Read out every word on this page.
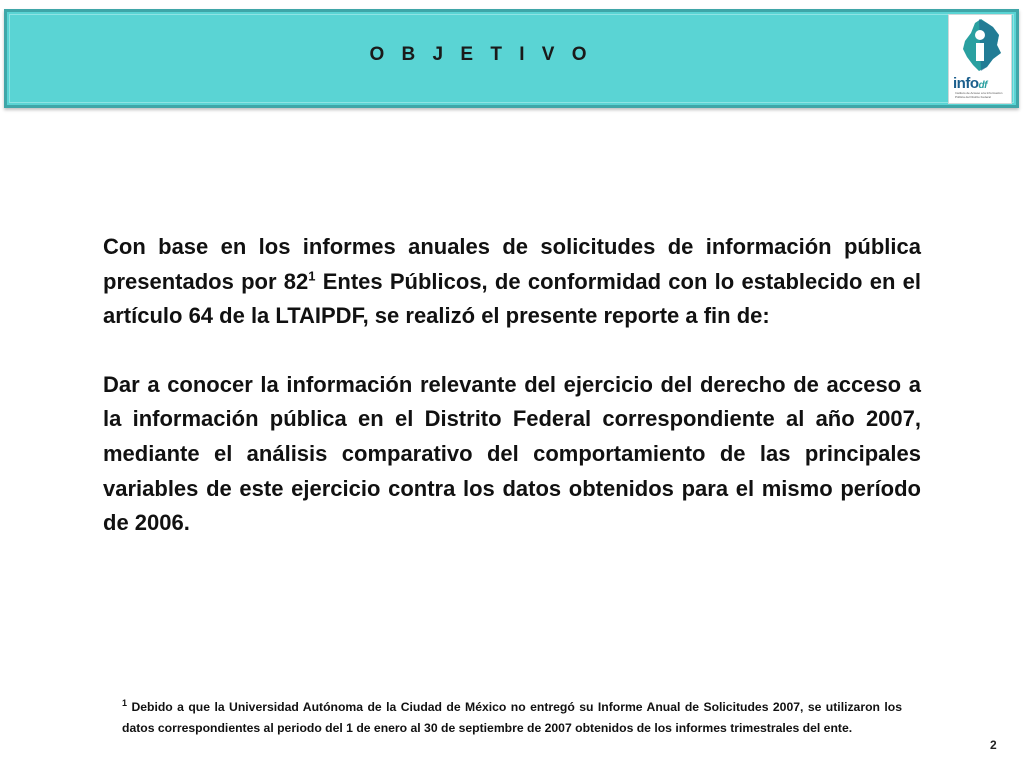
O B J E T I V O
infodf
Instituto de Acceso a la Información Pública del Distrito Federal

Con base en los informes anuales de solicitudes de información pública presentados por $82^1$ Entes Públicos, de conformidad con lo establecido en el artículo 64 de la LTAIPDF, se realizó el presente reporte a fin de:

Dar a conocer la información relevante del ejercicio del derecho de acceso a la información pública en el Distrito Federal correspondiente al año 2007, mediante el análisis comparativo del comportamiento de las principales variables de este ejercicio contra los datos obtenidos para el mismo período de 2006.

$^1$ Debido a que la Universidad Autónoma de la Ciudad de México no entregó su Informe Anual de Solicitudes 2007, se utilizaron los datos correspondientes al periodo del 1 de enero al 30 de septiembre de 2007 obtenidos de los informes trimestrales del ente.
2
